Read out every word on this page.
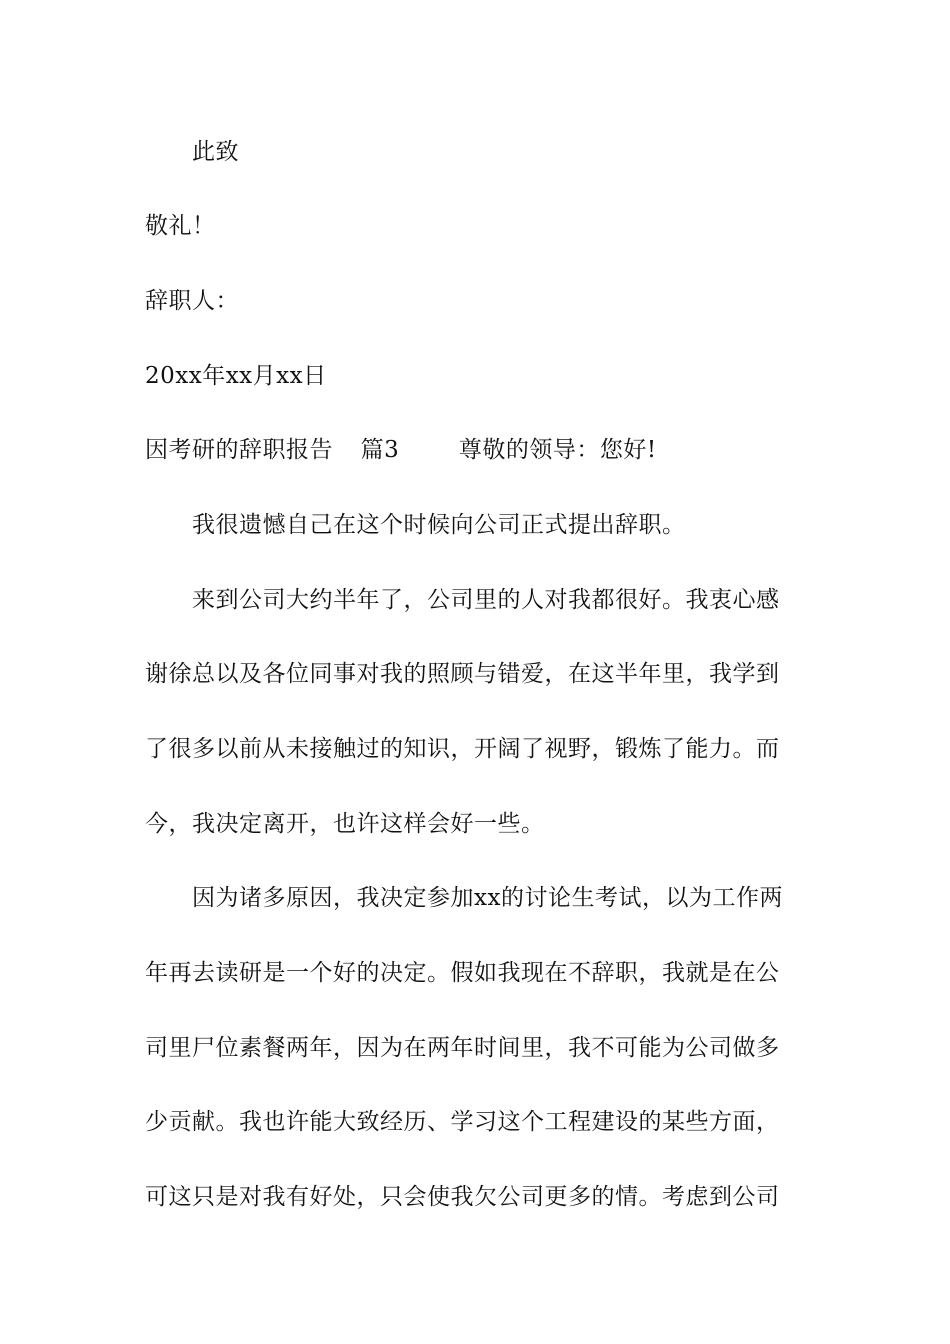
此致
敬礼！
辞职人：
20xx年xx月xx日
因考研的辞职报告 篇3	尊敬的领导：您好!
我很遗憾自己在这个时候向公司正式提出辞职。
来到公司大约半年了，公司里的人对我都很好。我衷心感
谢徐总以及各位同事对我的照顾与错爱，在这半年里，我学到
了很多以前从未接触过的知识，开阔了视野，锻炼了能力。而
今，我决定离开，也许这样会好一些。
因为诸多原因，我决定参加xx的讨论生考试，以为工作两
年再去读研是一个好的决定。假如我现在不辞职，我就是在公
司里尸位素餐两年，因为在两年时间里，我不可能为公司做多
少贡献。我也许能大致经历、学习这个工程建设的某些方面，
可这只是对我有好处，只会使我欠公司更多的情。考虑到公司
